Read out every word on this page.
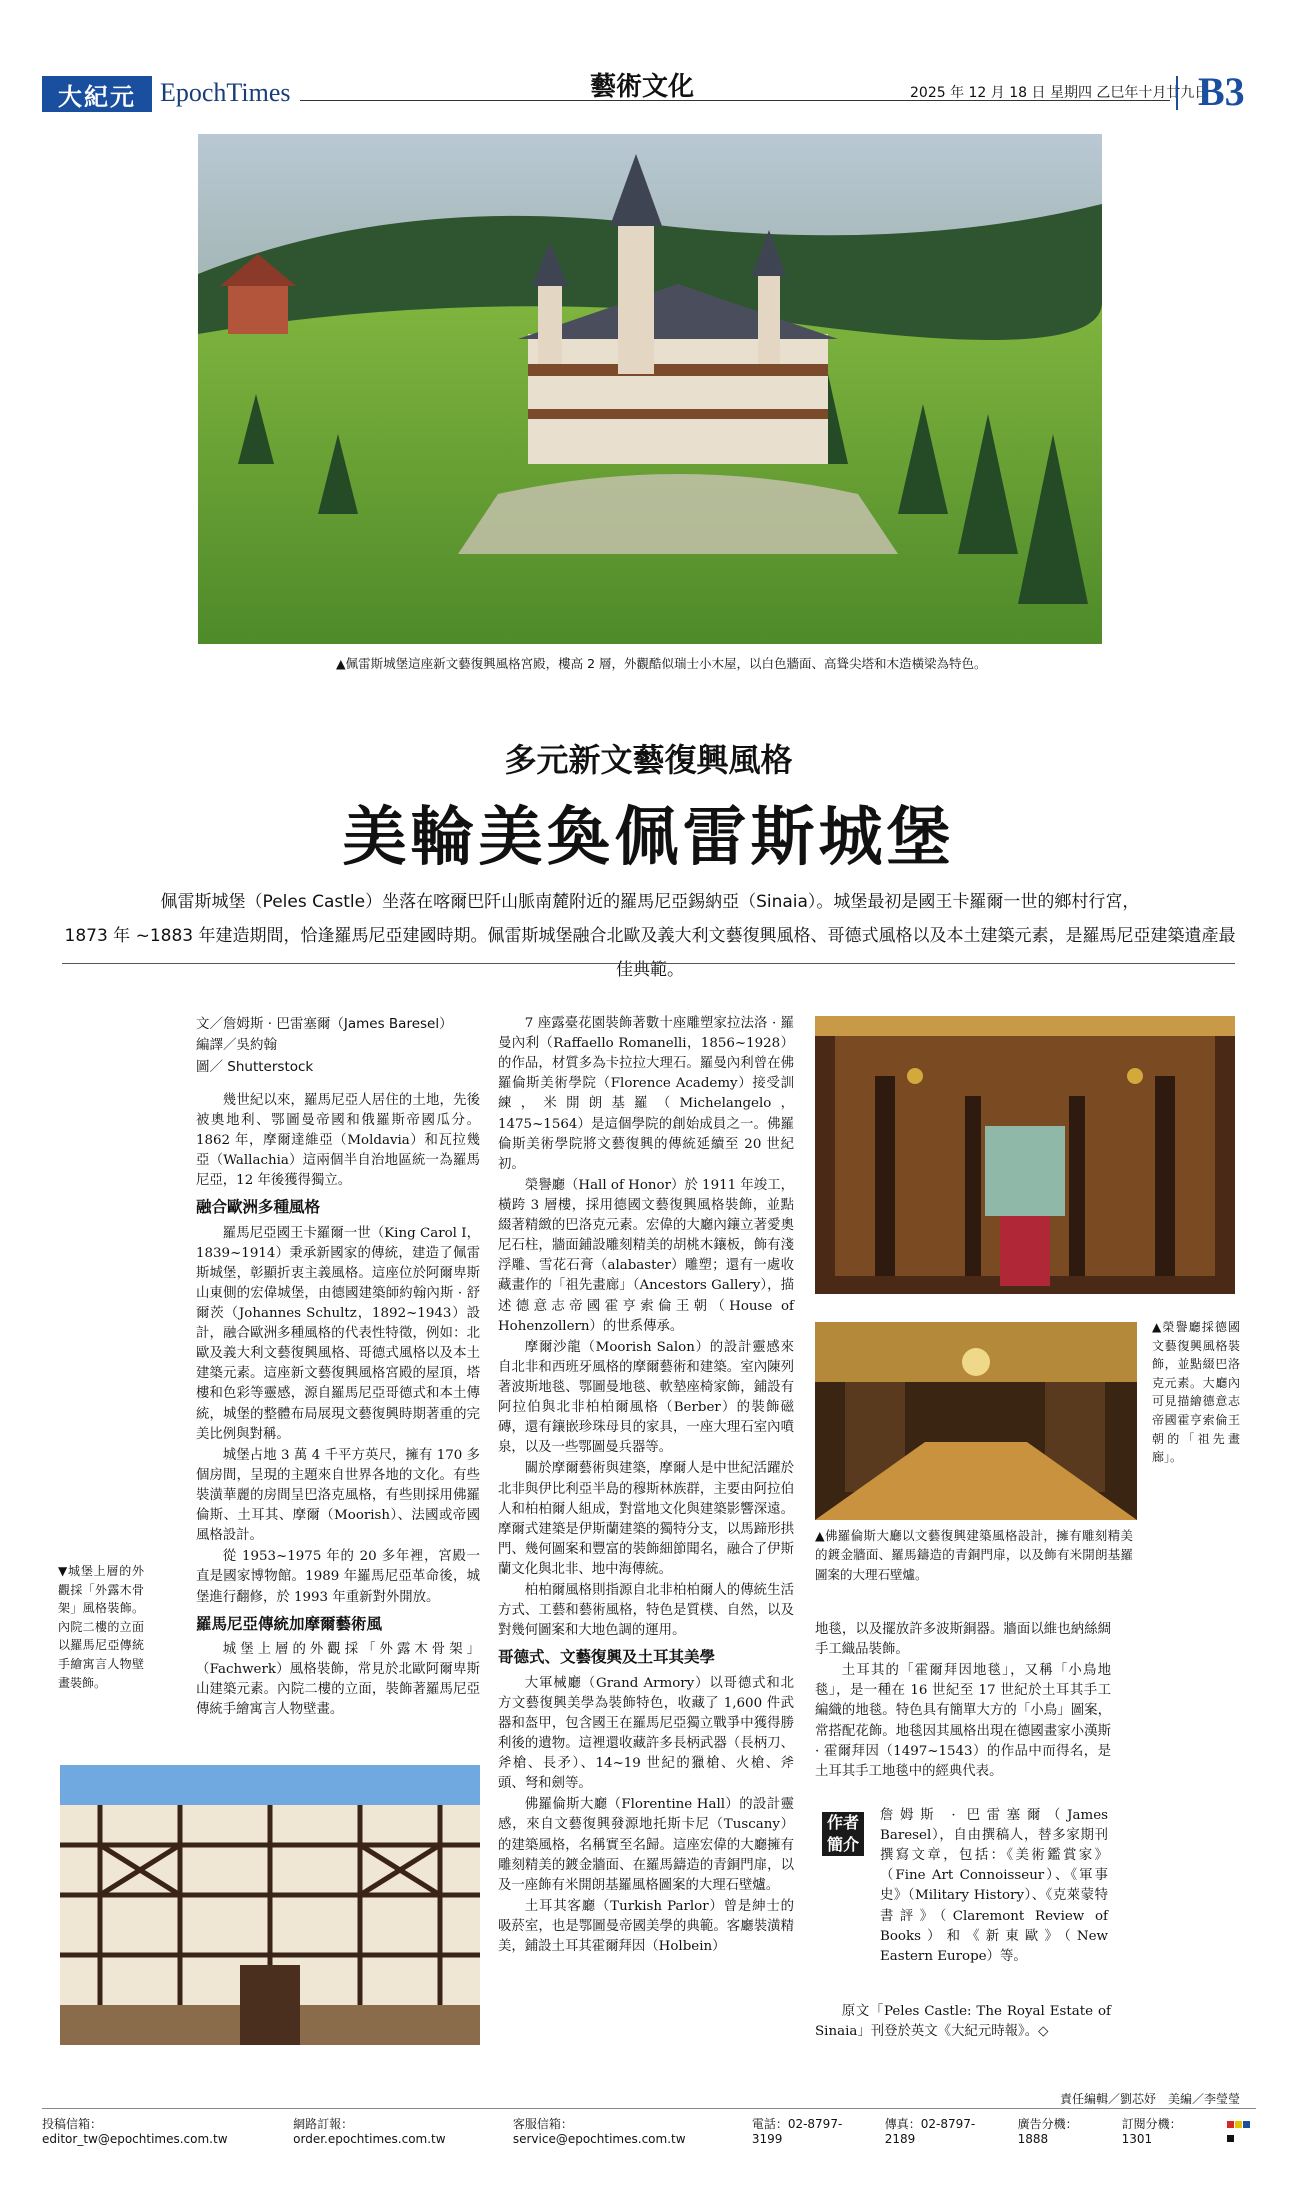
大紀元 EpochTimes	藝術文化	2025 年 12 月 18 日 星期四 乙巳年十月廿九日
B3
▲佩雷斯城堡這座新文藝復興風格宮殿，樓高 2 層，外觀酷似瑞士小木屋，以白色牆面、高聳尖塔和木造橫梁為特色。
多元新文藝復興風格
美輪美奐佩雷斯城堡
佩雷斯城堡（Peles Castle）坐落在喀爾巴阡山脈南麓附近的羅馬尼亞錫納亞（Sinaia）。城堡最初是國王卡羅爾一世的鄉村行宮，
1873 年 ~1883 年建造期間，恰逢羅馬尼亞建國時期。佩雷斯城堡融合北歐及義大利文藝復興風格、哥德式風格以及本土建築元素，是羅馬尼亞建築遺產最佳典範。

文／詹姆斯 · 巴雷塞爾（James Baresel）

編譯／吳約翰

圖／ Shutterstock

幾世紀以來，羅馬尼亞人居住的土地，先後被奧地利、鄂圖曼帝國和俄羅斯帝國瓜分。1862 年，摩爾達維亞（Moldavia）和瓦拉幾亞（Wallachia）這兩個半自治地區統一為羅馬尼亞，12 年後獲得獨立。

融合歐洲多種風格

羅馬尼亞國王卡羅爾一世（King Carol I，1839~1914）秉承新國家的傳統，建造了佩雷斯城堡，彰顯折衷主義風格。這座位於阿爾卑斯山東側的宏偉城堡，由德國建築師約翰內斯 · 舒爾茨（Johannes Schultz，1892~1943）設計，融合歐洲多種風格的代表性特徵，例如：北歐及義大利文藝復興風格、哥德式風格以及本土建築元素。這座新文藝復興風格宮殿的屋頂，塔樓和色彩等靈感，源自羅馬尼亞哥德式和本土傳統，城堡的整體布局展現文藝復興時期著重的完美比例與對稱。

城堡占地 3 萬 4 千平方英尺，擁有 170 多個房間，呈現的主題來自世界各地的文化。有些裝潢華麗的房間呈巴洛克風格，有些則採用佛羅倫斯、土耳其、摩爾（Moorish）、法國或帝國風格設計。

從 1953~1975 年的 20 多年裡，宮殿一直是國家博物館。1989 年羅馬尼亞革命後，城堡進行翻修，於 1993 年重新對外開放。

羅馬尼亞傳統加摩爾藝術風

城堡上層的外觀採「外露木骨架」（Fachwerk）風格裝飾，常見於北歐阿爾卑斯山建築元素。內院二樓的立面，裝飾著羅馬尼亞傳統手繪寓言人物壁畫。

▼城堡上層的外觀採「外露木骨架」風格裝飾。內院二樓的立面以羅馬尼亞傳統手繪寓言人物壁畫裝飾。

7 座露臺花園裝飾著數十座雕塑家拉法洛 · 羅曼內利（Raffaello Romanelli，1856~1928）的作品，材質多為卡拉拉大理石。羅曼內利曾在佛羅倫斯美術學院（Florence Academy）接受訓練，米開朗基羅（Michelangelo，1475~1564）是這個學院的創始成員之一。佛羅倫斯美術學院將文藝復興的傳統延續至 20 世紀初。

榮譽廳（Hall of Honor）於 1911 年竣工，橫跨 3 層樓，採用德國文藝復興風格裝飾，並點綴著精緻的巴洛克元素。宏偉的大廳內鑲立著愛奧尼石柱，牆面鋪設雕刻精美的胡桃木鑲板，飾有淺浮雕、雪花石膏（alabaster）雕塑；還有一處收藏畫作的「祖先畫廊」（Ancestors Gallery），描述德意志帝國霍亨索倫王朝（House of Hohenzollern）的世系傳承。

摩爾沙龍（Moorish Salon）的設計靈感來自北非和西班牙風格的摩爾藝術和建築。室內陳列著波斯地毯、鄂圖曼地毯、軟墊座椅家飾，鋪設有阿拉伯與北非柏柏爾風格（Berber）的裝飾磁磚，還有鑲嵌珍珠母貝的家具，一座大理石室內噴泉，以及一些鄂圖曼兵器等。

關於摩爾藝術與建築，摩爾人是中世紀活躍於北非與伊比利亞半島的穆斯林族群，主要由阿拉伯人和柏柏爾人組成，對當地文化與建築影響深遠。摩爾式建築是伊斯蘭建築的獨特分支，以馬蹄形拱門、幾何圖案和豐富的裝飾細節聞名，融合了伊斯蘭文化與北非、地中海傳統。

柏柏爾風格則指源自北非柏柏爾人的傳統生活方式、工藝和藝術風格，特色是質樸、自然，以及對幾何圖案和大地色調的運用。

哥德式、文藝復興及土耳其美學

大軍械廳（Grand Armory）以哥德式和北方文藝復興美學為裝飾特色，收藏了 1,600 件武器和盔甲，包含國王在羅馬尼亞獨立戰爭中獲得勝利後的遺物。這裡還收藏許多長柄武器（長柄刀、斧槍、長矛）、14~19 世紀的獵槍、火槍、斧頭、弩和劍等。

佛羅倫斯大廳（Florentine Hall）的設計靈感，來自文藝復興發源地托斯卡尼（Tuscany）的建築風格，名稱實至名歸。這座宏偉的大廳擁有雕刻精美的鍍金牆面、在羅馬鑄造的青銅門扉，以及一座飾有米開朗基羅風格圖案的大理石壁爐。

土耳其客廳（Turkish Parlor）曾是紳士的吸菸室，也是鄂圖曼帝國美學的典範。客廳裝潢精美，鋪設土耳其霍爾拜因（Holbein）

▲榮譽廳採德國文藝復興風格裝飾，並點綴巴洛克元素。大廳內可見描繪德意志帝國霍亨索倫王朝的「祖先畫廊」。
▲佛羅倫斯大廳以文藝復興建築風格設計，擁有雕刻精美的鍍金牆面、羅馬鑄造的青銅門扉，以及飾有米開朗基羅圖案的大理石壁爐。

地毯，以及擺放許多波斯銅器。牆面以維也納絲綢手工織品裝飾。

土耳其的「霍爾拜因地毯」，又稱「小鳥地毯」，是一種在 16 世紀至 17 世紀於土耳其手工編織的地毯。特色具有簡單大方的「小鳥」圖案，常搭配花飾。地毯因其風格出現在德國畫家小漢斯 · 霍爾拜因（1497~1543）的作品中而得名，是土耳其手工地毯中的經典代表。

作者簡介

詹姆斯 · 巴雷塞爾（James Baresel），自由撰稿人，替多家期刊撰寫文章，包括：《美術鑑賞家》（Fine Art Connoisseur）、《軍事史》（Military History）、《克萊蒙特書評》（Claremont Review of Books）和《新東歐》（New Eastern Europe）等。

原文「Peles Castle: The Royal Estate of Sinaia」刊登於英文《大紀元時報》。◇

責任編輯／劉芯妤　美編／李瑩瑩
投稿信箱：editor_tw@epochtimes.com.tw
網路訂報：order.epochtimes.com.tw
客服信箱：service@epochtimes.com.tw
電話：02-8797-3199
傳真：02-8797-2189
廣告分機：1888
訂閱分機：1301
